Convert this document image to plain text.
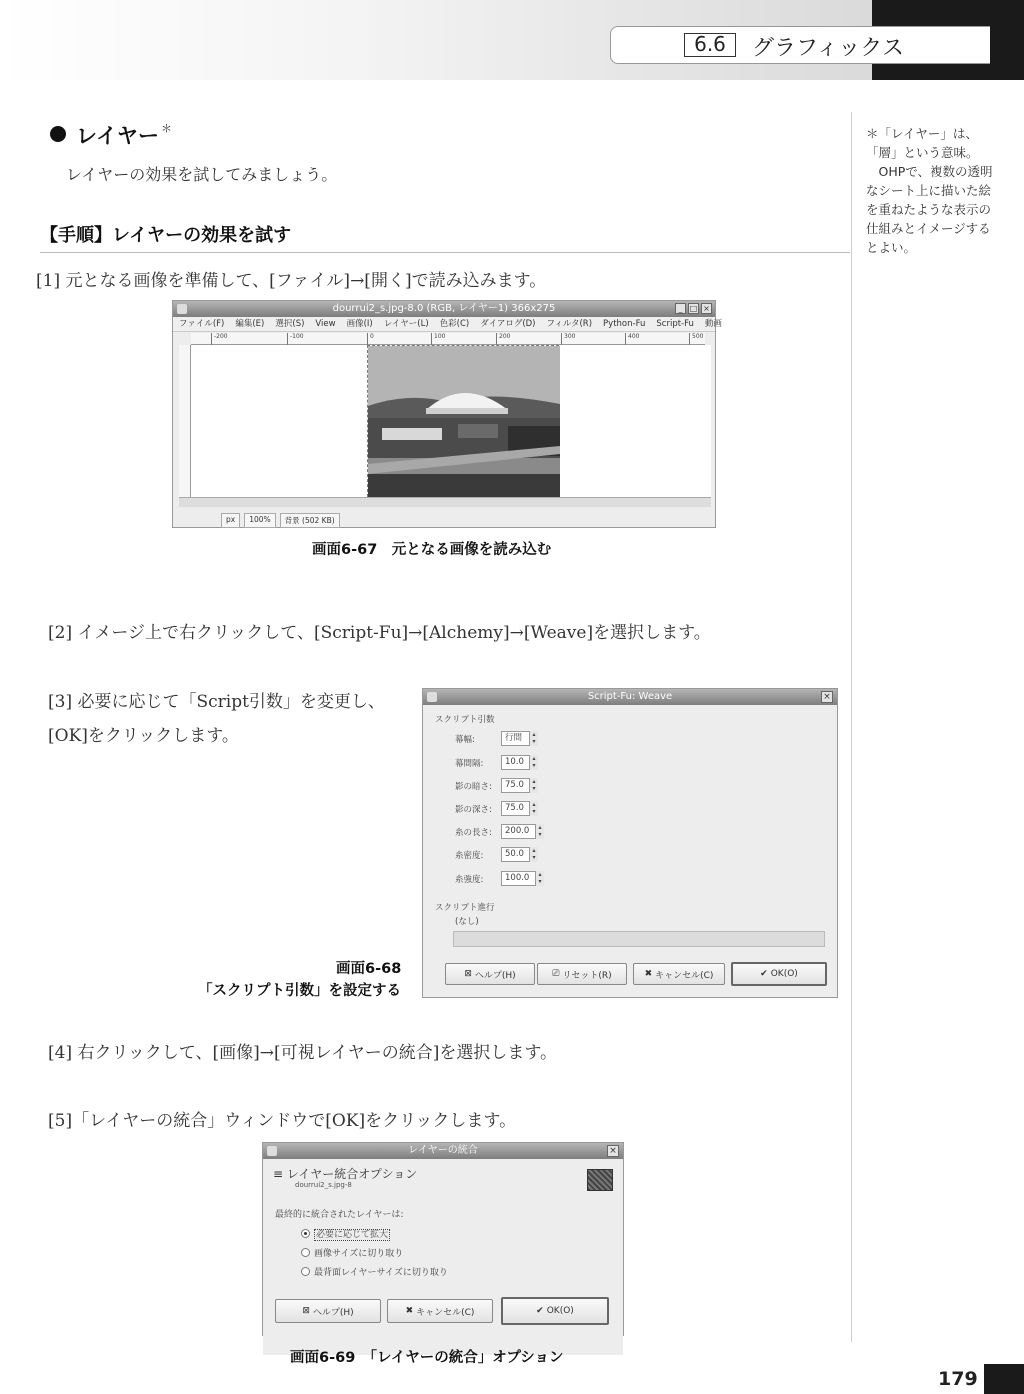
6.6	グラフィックス

＊「レイヤー」は、「層」という意味。

OHPで、複数の透明なシート上に描いた絵を重ねたような表示の仕組みとイメージするとよい。

レイヤー ＊
レイヤーの効果を試してみましょう。
【手順】レイヤーの効果を試す
[1] 元となる画像を準備して、[ファイル]→[開く]で読み込みます。
dourrui2_s.jpg-8.0 (RGB, レイヤー1) 366x275	_ □ ×
ファイル(F) 編集(E) 選択(S) View 画像(I) レイヤー(L) 色彩(C) ダイアログ(D) フィルタ(R) Python-Fu Script-Fu 動画
-200	-100	0	100	200	300	400	500
px	100%	背景 (502 KB)
画面6-67　元となる画像を読み込む
[2] イメージ上で右クリックして、[Script-Fu]→[Alchemy]→[Weave]を選択します。
[3] 必要に応じて「Script引数」を変更し、
[OK]をクリックします。
Script-Fu: Weave	×
スクリプト引数
幕幅:	行間	▴
▾
幕間隔:	10.0	▴
▾
影の暗さ:	75.0	▴
▾
影の深さ:	75.0	▴
▾
糸の長さ:	200.0	▴
▾
糸密度:	50.0	▴
▾
糸強度:	100.0	▴
▾
スクリプト進行
(なし)
⊠ ヘルプ(H)	⎚ リセット(R)	✖ キャンセル(C)	✔ OK(O)
画面6-68
「スクリプト引数」を設定する
[4] 右クリックして、[画像]→[可視レイヤーの統合]を選択します。
[5]「レイヤーの統合」ウィンドウで[OK]をクリックします。
レイヤーの統合	×
≡ レイヤー統合オプション
dourrui2_s.jpg-8
最終的に統合されたレイヤーは:
必要に応じて拡大
画像サイズに切り取り
最背面レイヤーサイズに切り取り
⊠ ヘルプ(H)	✖ キャンセル(C)	✔ OK(O)
画面6-69　「レイヤーの統合」オプション
179
